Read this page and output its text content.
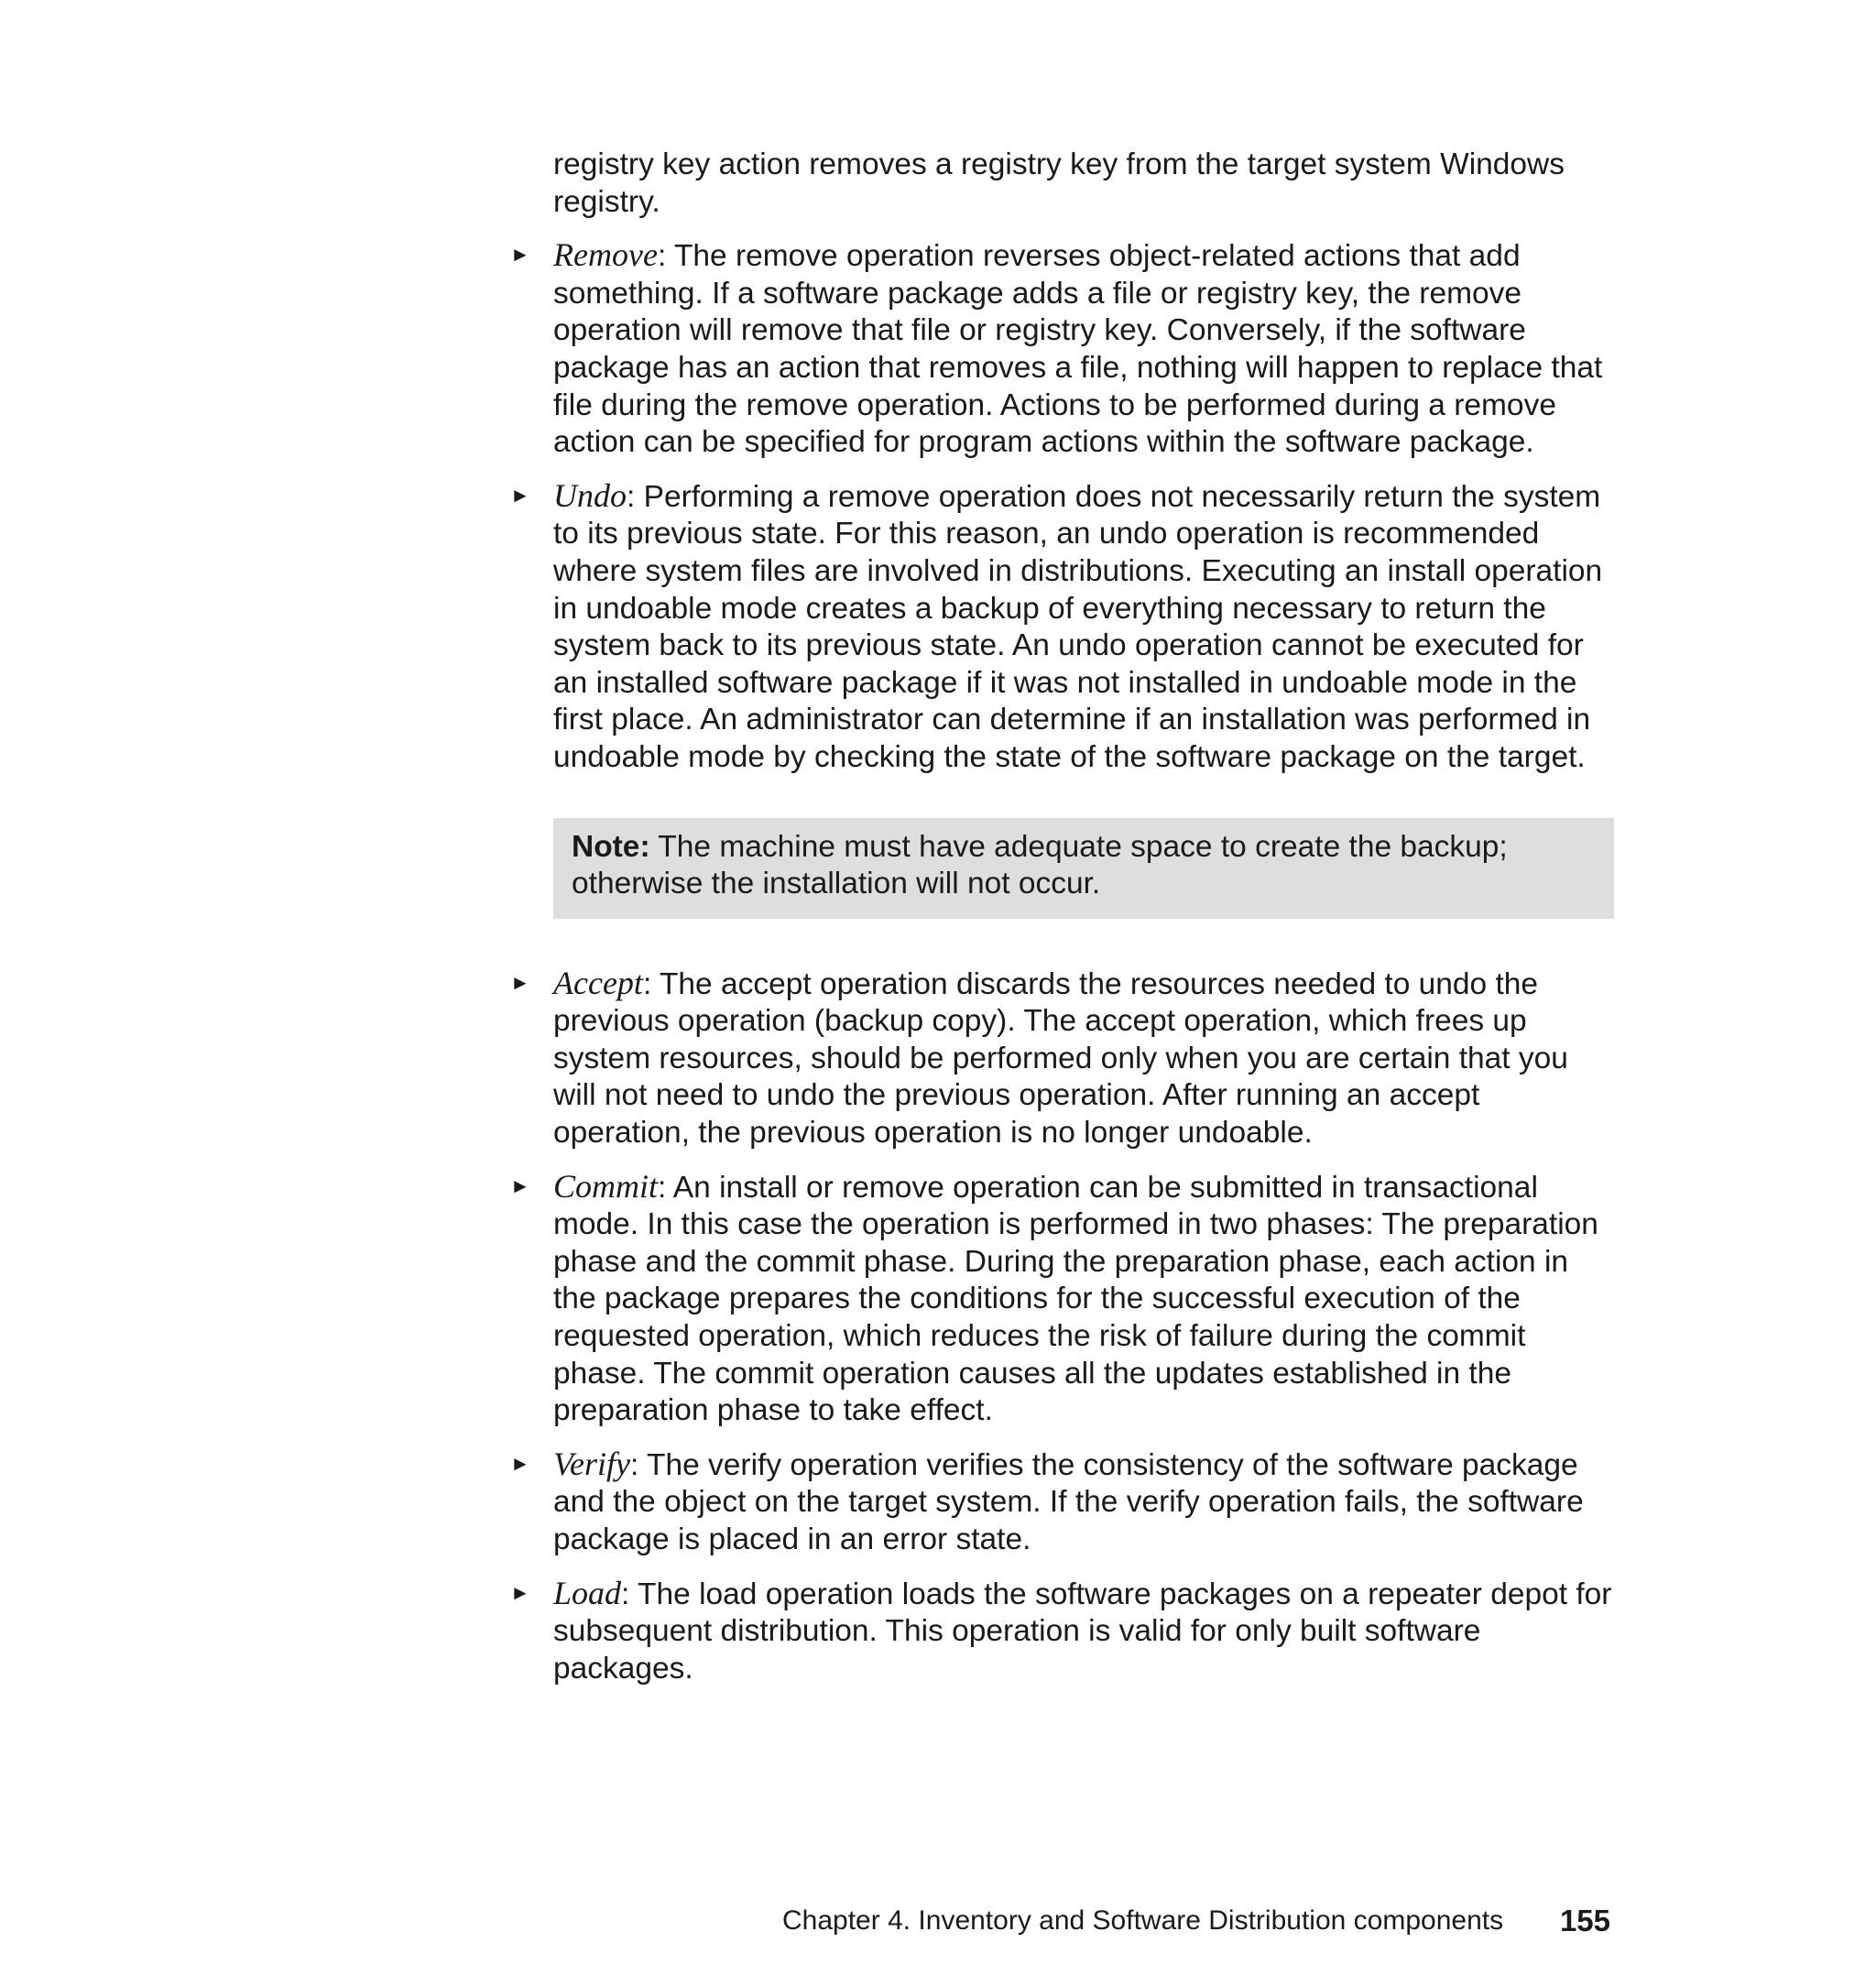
registry key action removes a registry key from the target system Windows registry.

► Remove: The remove operation reverses object-related actions that add something. If a software package adds a file or registry key, the remove operation will remove that file or registry key. Conversely, if the software package has an action that removes a file, nothing will happen to replace that file during the remove operation. Actions to be performed during a remove action can be specified for program actions within the software package.
► Undo: Performing a remove operation does not necessarily return the system to its previous state. For this reason, an undo operation is recommended where system files are involved in distributions. Executing an install operation in undoable mode creates a backup of everything necessary to return the system back to its previous state. An undo operation cannot be executed for an installed software package if it was not installed in undoable mode in the first place. An administrator can determine if an installation was performed in undoable mode by checking the state of the software package on the target.
Note: The machine must have adequate space to create the backup; otherwise the installation will not occur.
► Accept: The accept operation discards the resources needed to undo the previous operation (backup copy). The accept operation, which frees up system resources, should be performed only when you are certain that you will not need to undo the previous operation. After running an accept operation, the previous operation is no longer undoable.
► Commit: An install or remove operation can be submitted in transactional mode. In this case the operation is performed in two phases: The preparation phase and the commit phase. During the preparation phase, each action in the package prepares the conditions for the successful execution of the requested operation, which reduces the risk of failure during the commit phase. The commit operation causes all the updates established in the preparation phase to take effect.
► Verify: The verify operation verifies the consistency of the software package and the object on the target system. If the verify operation fails, the software package is placed in an error state.
► Load: The load operation loads the software packages on a repeater depot for subsequent distribution. This operation is valid for only built software packages.
Chapter 4. Inventory and Software Distribution components 155
